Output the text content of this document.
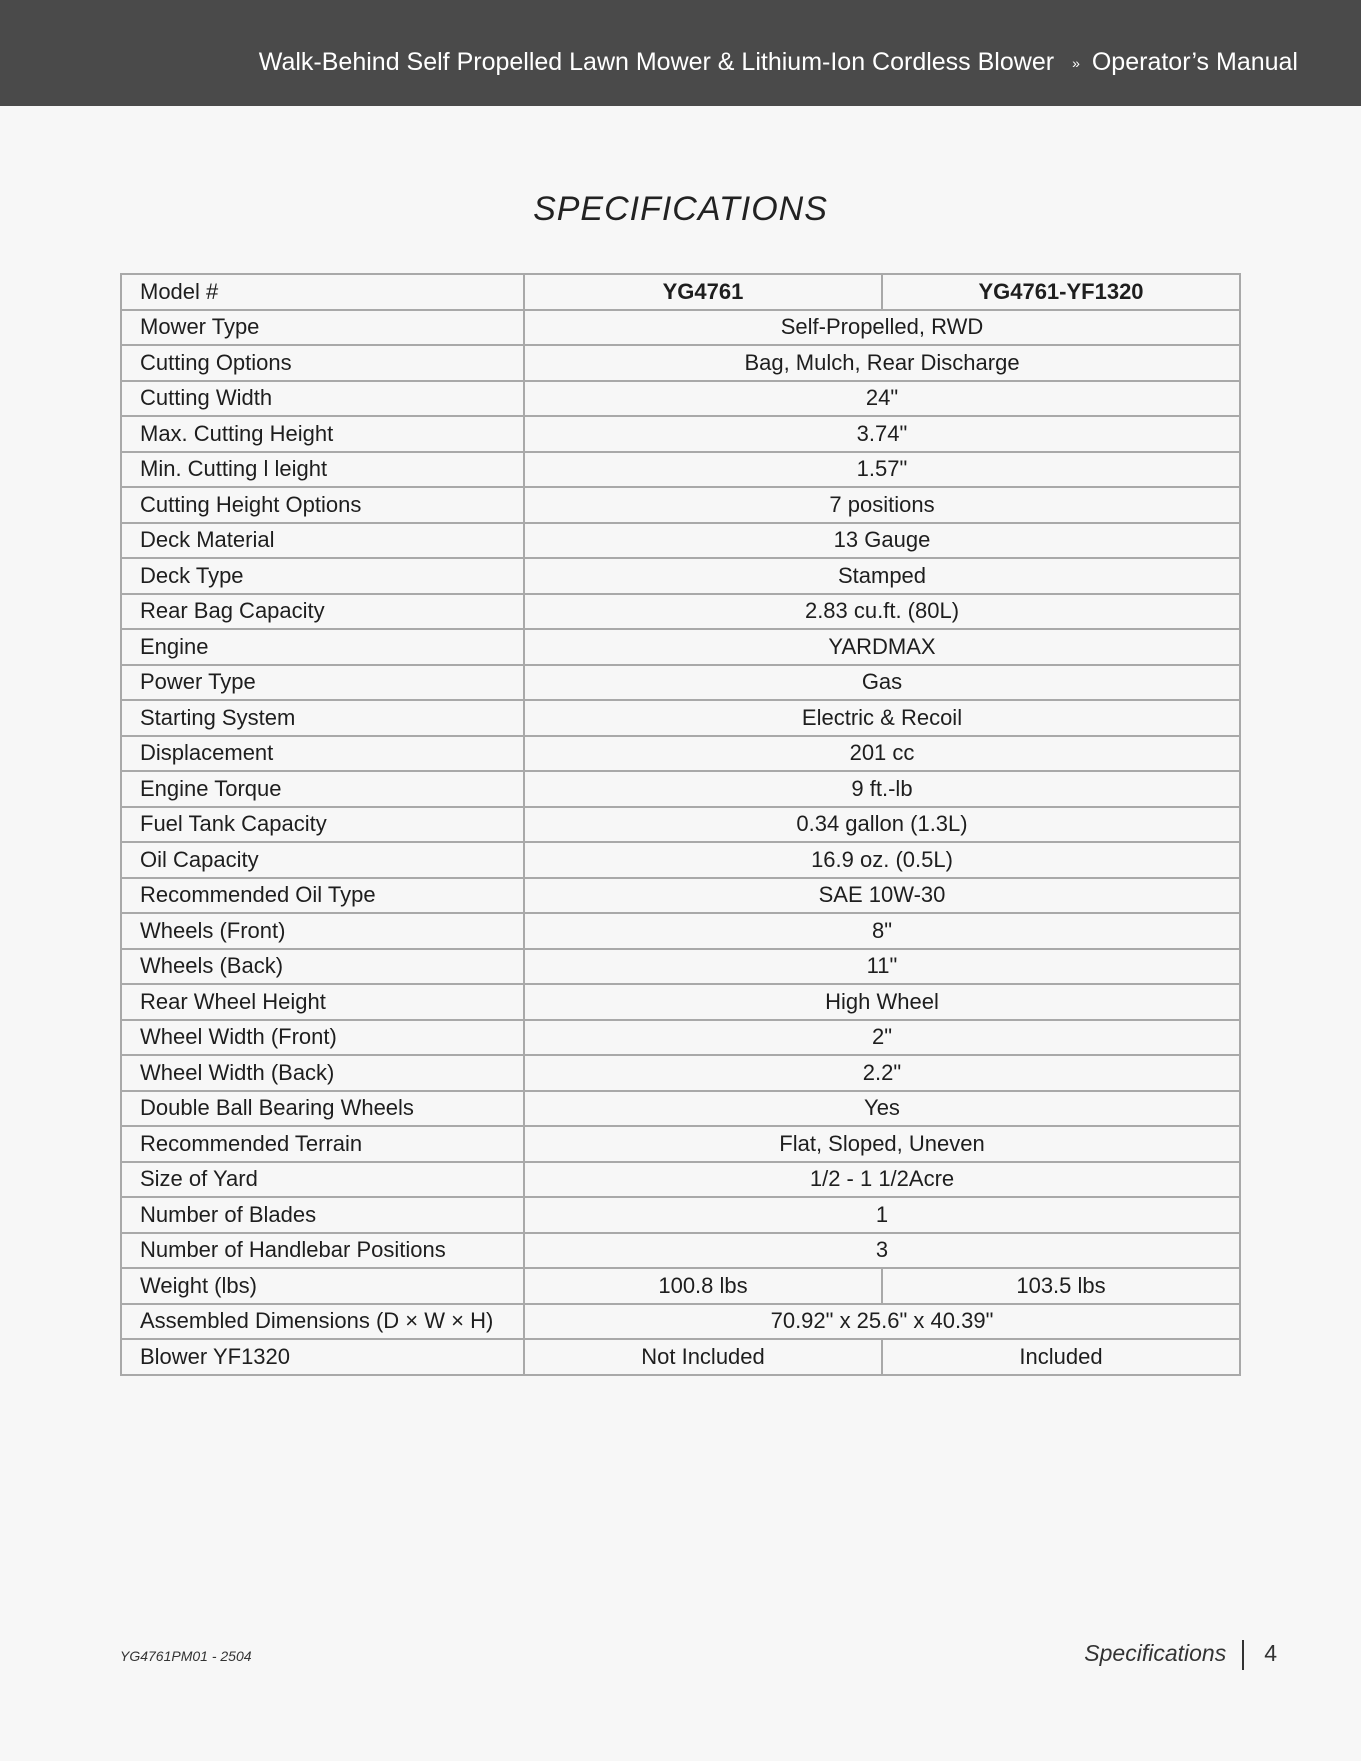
Walk-Behind Self Propelled Lawn Mower & Lithium-Ion Cordless Blower » Operator’s Manual
SPECIFICATIONS
Model #	YG4761	YG4761-YF1320
Mower Type	Self-Propelled, RWD	
Cutting Options	Bag, Mulch, Rear Discharge	
Cutting Width	24"	
Max. Cutting Height	3.74"	
Min. Cutting l leight	1.57"	
Cutting Height Options	7 positions	
Deck Material	13 Gauge	
Deck Type	Stamped	
Rear Bag Capacity	2.83 cu.ft. (80L)	
Engine	YARDMAX	
Power Type	Gas	
Starting System	Electric & Recoil	
Displacement	201 cc	
Engine Torque	9 ft.-lb	
Fuel Tank Capacity	0.34 gallon (1.3L)	
Oil Capacity	16.9 oz. (0.5L)	
Recommended Oil Type	SAE 10W-30	
Wheels (Front)	8"	
Wheels (Back)	11"	
Rear Wheel Height	High Wheel	
Wheel Width (Front)	2"	
Wheel Width (Back)	2.2"	
Double Ball Bearing Wheels	Yes	
Recommended Terrain	Flat, Sloped, Uneven	
Size of Yard	1/2 - 1 1/2Acre	
Number of Blades	1	
Number of Handlebar Positions	3	
Weight (lbs)	100.8 lbs	103.5 lbs
Assembled Dimensions (D × W × H)	70.92" x 25.6" x 40.39"	
Blower YF1320	Not Included	Included
YG4761PM01 - 2504	Specifications 4
